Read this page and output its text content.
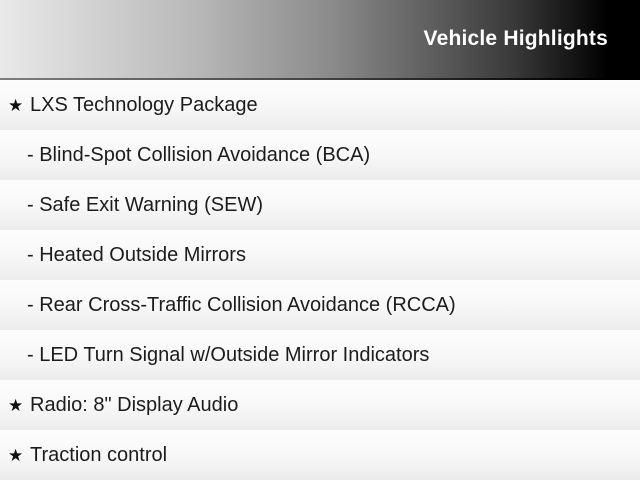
Vehicle Highlights
★ LXS Technology Package
- Blind-Spot Collision Avoidance (BCA)
- Safe Exit Warning (SEW)
- Heated Outside Mirrors
- Rear Cross-Traffic Collision Avoidance (RCCA)
- LED Turn Signal w/Outside Mirror Indicators
★ Radio: 8" Display Audio
★ Traction control
